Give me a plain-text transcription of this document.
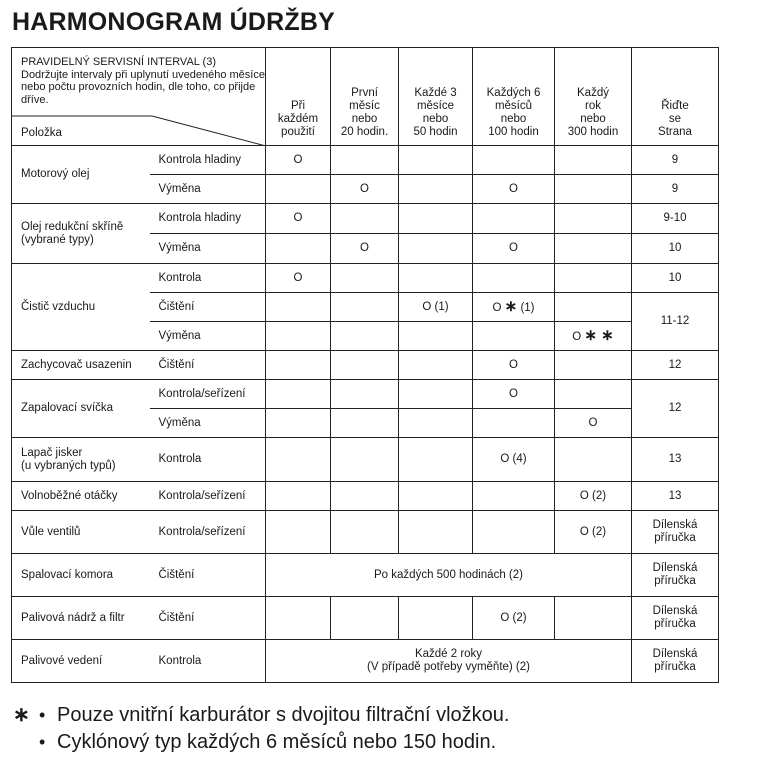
HARMONOGRAM ÚDRŽBY
PRAVIDELNÝ SERVISNÍ INTERVAL (3)
Dodržujte intervaly při uplynutí uvedeného měsíce nebo počtu provozních hodin, dle toho, co přijde dříve.
Položka		Při
každém
použití	První
měsíc
nebo
20 hodin.	Každé 3
měsíce
nebo
50 hodin	Každých 6
měsíců
nebo
100 hodin	Každý
rok
nebo
300 hodin	Řiďte
se
Strana

Motorový olej	Kontrola hladiny	O					9
	Výměna		O		O		9
Olej redukční skříně
(vybrané typy)	Kontrola hladiny	O					9-10
	Výměna		O		O		10
Čistič vzduchu	Kontrola	O					10
	Čištění			O (1)	O ∗ (1)		11-12
	Výměna					O ∗ ∗	
Zachycovač usazenin	Čištění				O		12
Zapalovací svíčka	Kontrola/seřízení				O		12
	Výměna					O	
Lapač jisker
(u vybraných typů)	Kontrola				O (4)		13
Volnoběžné otáčky	Kontrola/seřízení					O (2)	13
Vůle ventilů	Kontrola/seřízení					O (2)	Dílenská
příručka
Spalovací komora	Čištění	Po každých 500 hodinách (2)					Dílenská
příručka
Palivová nádrž a filtr	Čištění				O (2)		Dílenská
příručka
Palivové vedení	Kontrola	Každé 2 roky
(V případě potřeby vyměňte) (2)					Dílenská
příručka
∗ • Pouze vnitřní karburátor s dvojitou filtrační vložkou.
• Cyklónový typ každých 6 měsíců nebo 150 hodin.
